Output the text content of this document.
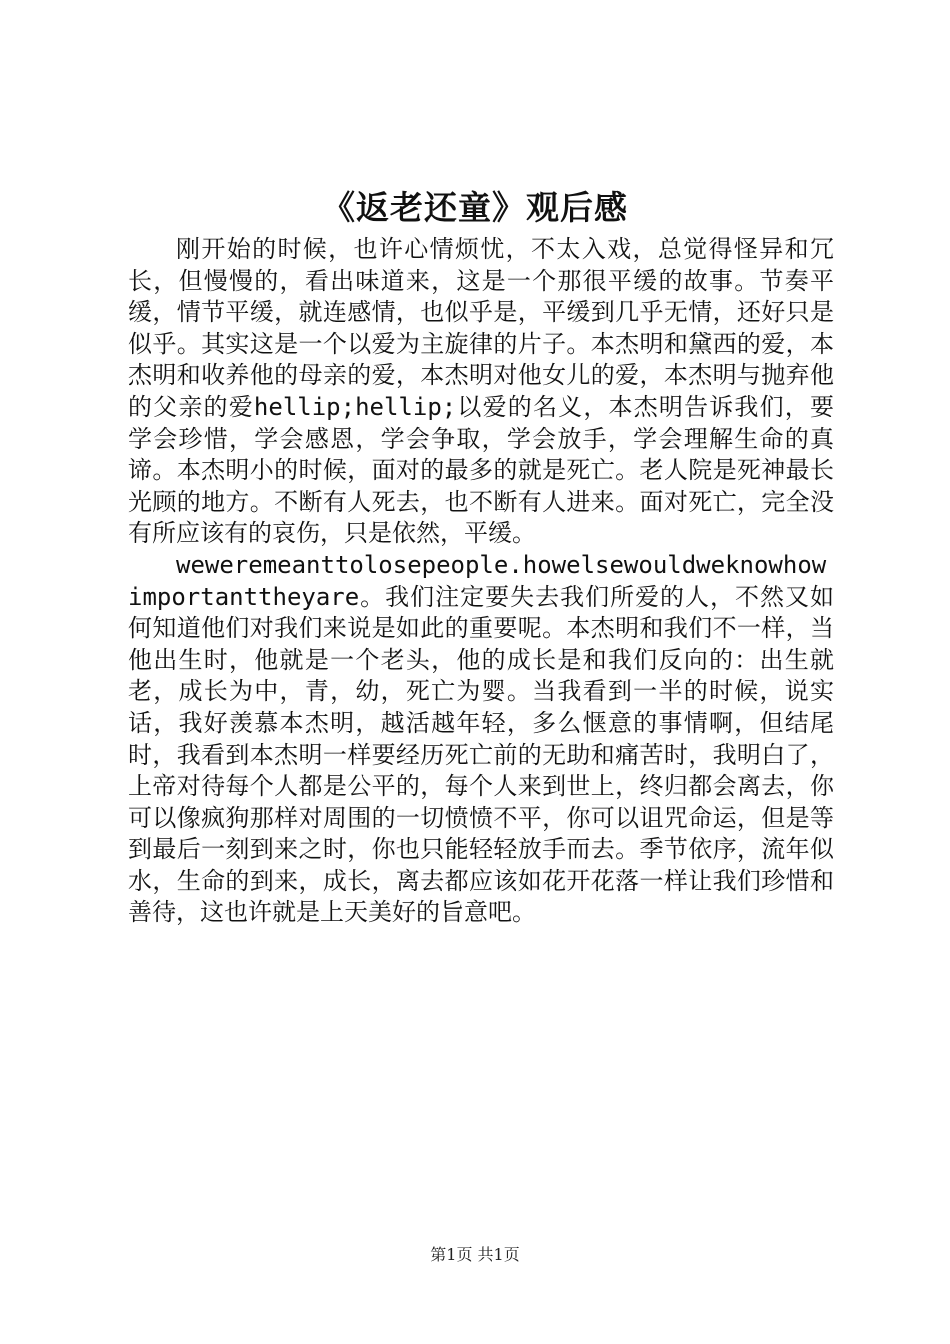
《返老还童》观后感

刚开始的时候，也许心情烦忧，不太入戏，总觉得怪异和冗长，但慢慢的，看出味道来，这是一个那很平缓的故事。节奏平缓，情节平缓，就连感情，也似乎是，平缓到几乎无情，还好只是似乎。其实这是一个以爱为主旋律的片子。本杰明和黛西的爱，本杰明和收养他的母亲的爱，本杰明对他女儿的爱，本杰明与抛弃他的父亲的爱hellip;hellip;以爱的名义，本杰明告诉我们，要学会珍惜，学会感恩，学会争取，学会放手，学会理解生命的真谛。本杰明小的时候，面对的最多的就是死亡。老人院是死神最长光顾的地方。不断有人死去，也不断有人进来。面对死亡，完全没有所应该有的哀伤，只是依然，平缓。

weweremeanttolosepeople.howelsewouldweknowhowimportanttheyare。我们注定要失去我们所爱的人，不然又如何知道他们对我们来说是如此的重要呢。本杰明和我们不一样，当他出生时，他就是一个老头，他的成长是和我们反向的：出生就老，成长为中，青，幼，死亡为婴。当我看到一半的时候，说实话，我好羡慕本杰明，越活越年轻，多么惬意的事情啊，但结尾时，我看到本杰明一样要经历死亡前的无助和痛苦时，我明白了，上帝对待每个人都是公平的，每个人来到世上，终归都会离去，你可以像疯狗那样对周围的一切愤愤不平，你可以诅咒命运，但是等到最后一刻到来之时，你也只能轻轻放手而去。季节依序，流年似水，生命的到来，成长，离去都应该如花开花落一样让我们珍惜和善待，这也许就是上天美好的旨意吧。

第1页 共1页
